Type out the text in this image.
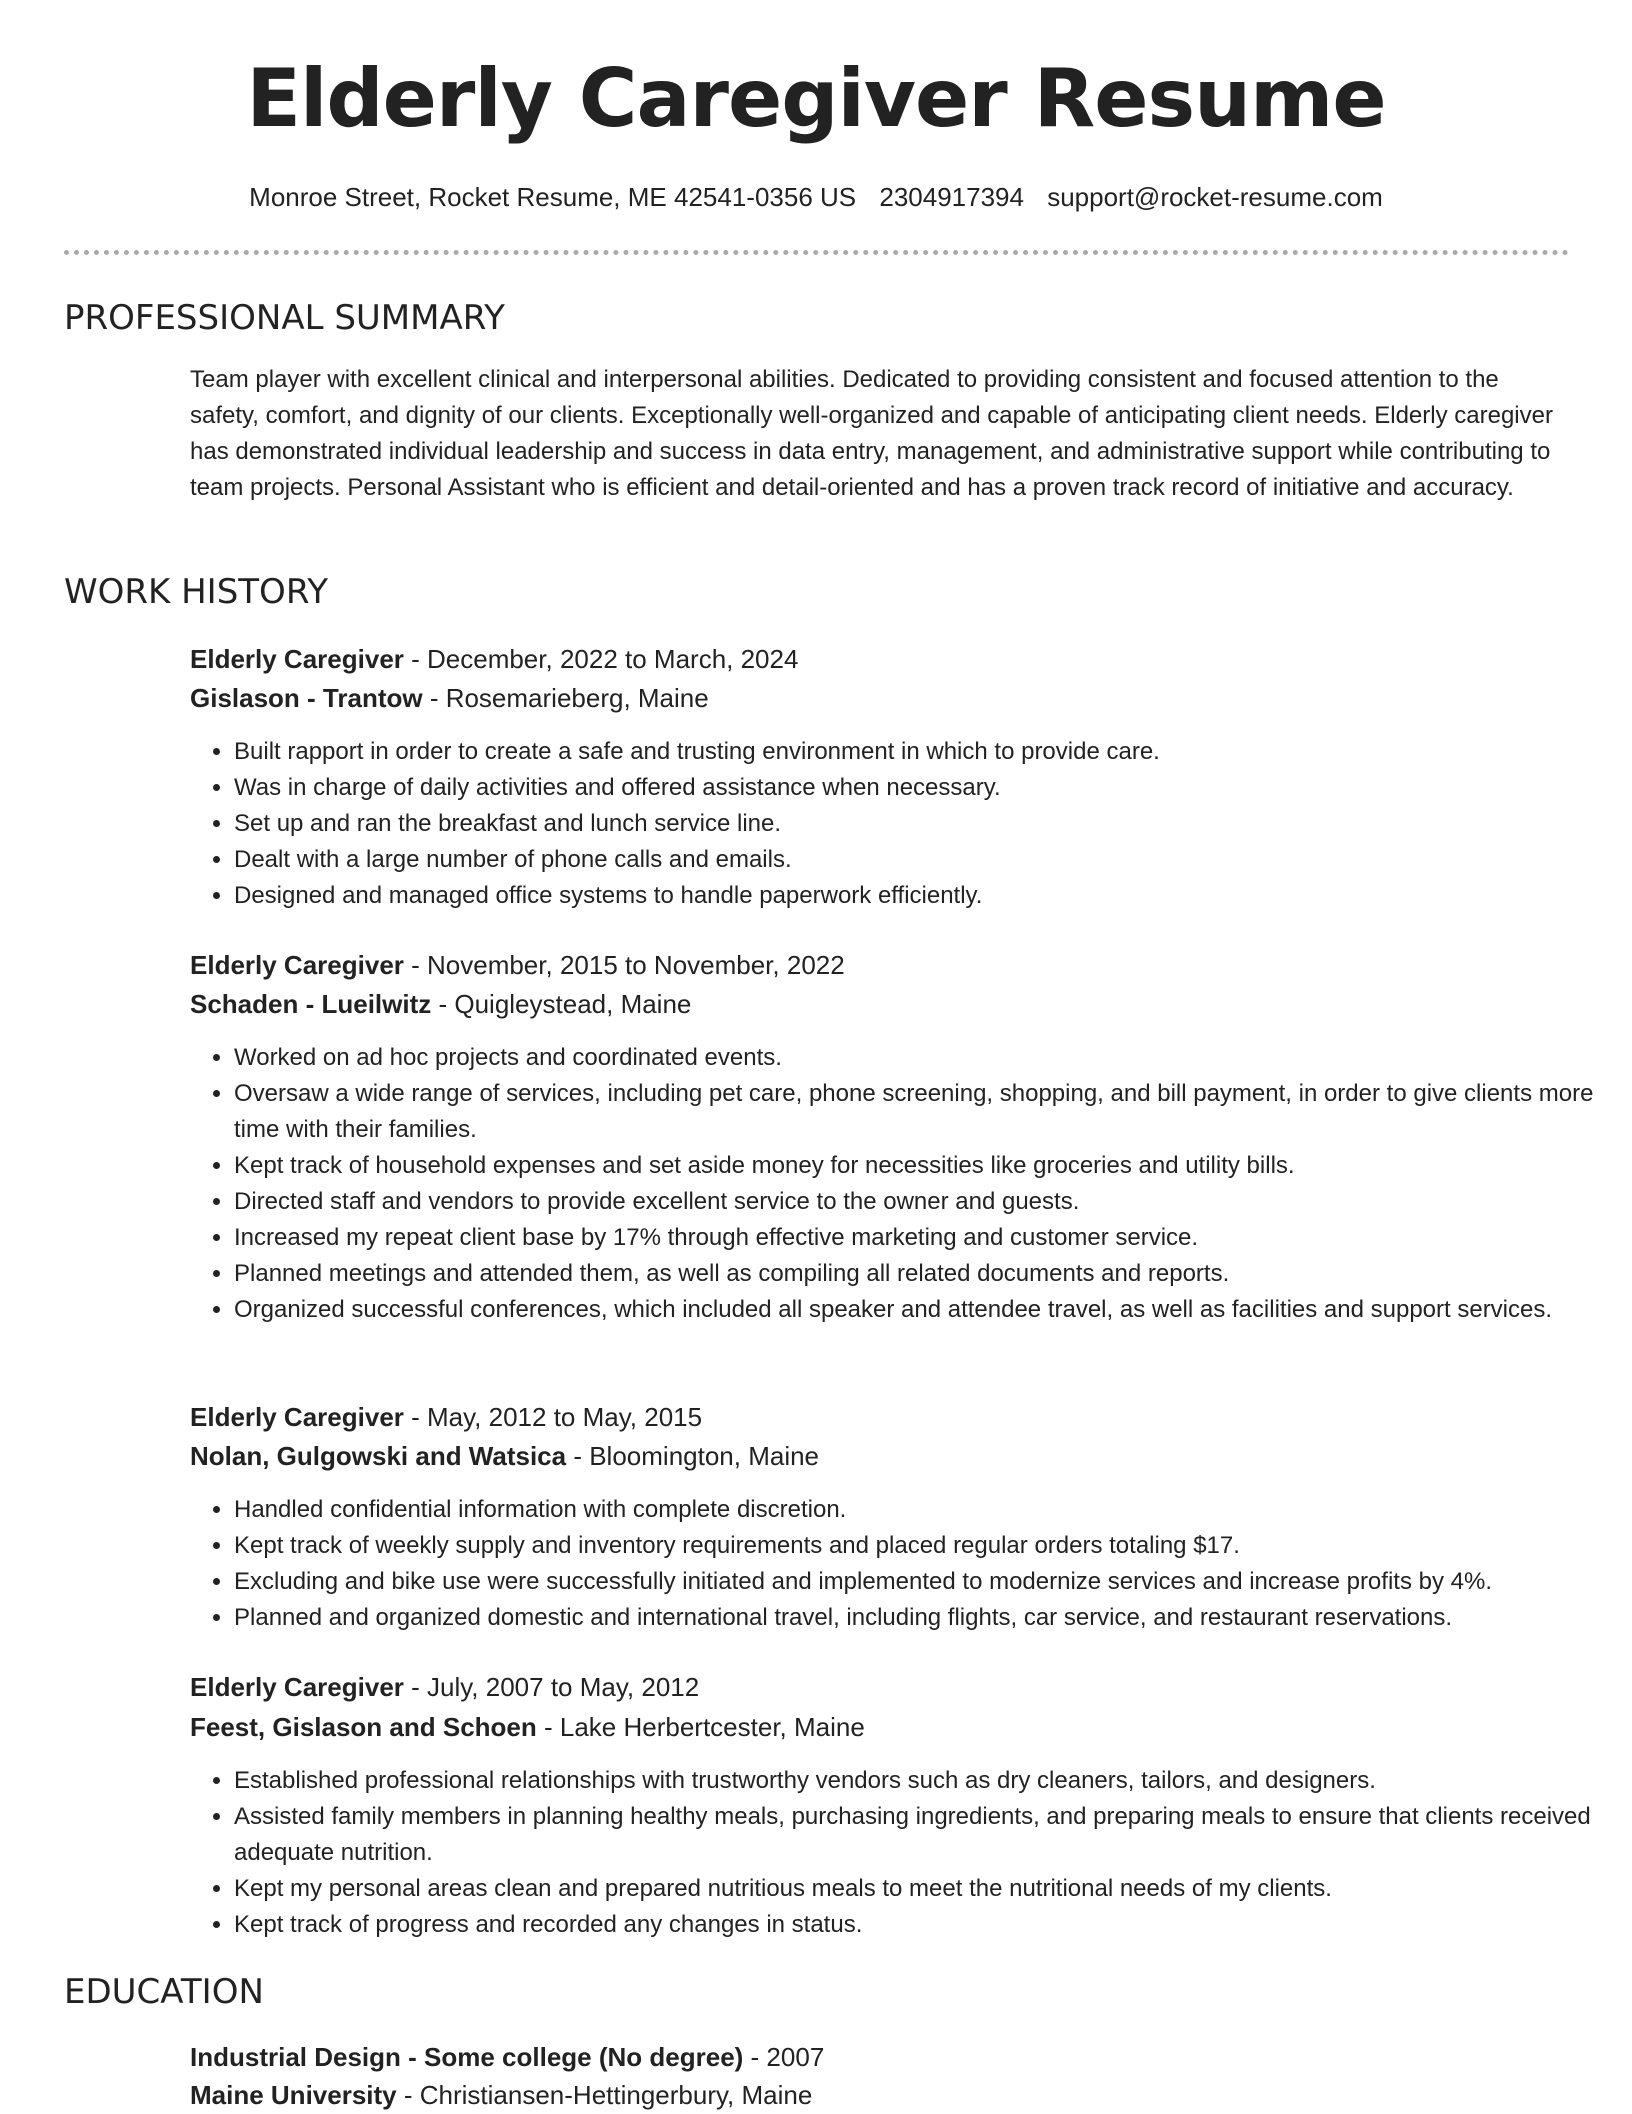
Elderly Caregiver Resume
Monroe Street, Rocket Resume, ME 42541-0356 US 2304917394 support@rocket-resume.com
PROFESSIONAL SUMMARY
Team player with excellent clinical and interpersonal abilities. Dedicated to providing consistent and focused attention to the safety, comfort, and dignity of our clients. Exceptionally well-organized and capable of anticipating client needs. Elderly caregiver has demonstrated individual leadership and success in data entry, management, and administrative support while contributing to team projects. Personal Assistant who is efficient and detail-oriented and has a proven track record of initiative and accuracy.
WORK HISTORY
Elderly Caregiver - December, 2022 to March, 2024
Gislason - Trantow - Rosemarieberg, Maine
• Built rapport in order to create a safe and trusting environment in which to provide care.
• Was in charge of daily activities and offered assistance when necessary.
• Set up and ran the breakfast and lunch service line.
• Dealt with a large number of phone calls and emails.
• Designed and managed office systems to handle paperwork efficiently.
Elderly Caregiver - November, 2015 to November, 2022
Schaden - Lueilwitz - Quigleystead, Maine
• Worked on ad hoc projects and coordinated events.
• Oversaw a wide range of services, including pet care, phone screening, shopping, and bill payment, in order to give clients more time with their families.
• Kept track of household expenses and set aside money for necessities like groceries and utility bills.
• Directed staff and vendors to provide excellent service to the owner and guests.
• Increased my repeat client base by 17% through effective marketing and customer service.
• Planned meetings and attended them, as well as compiling all related documents and reports.
• Organized successful conferences, which included all speaker and attendee travel, as well as facilities and support services.
Elderly Caregiver - May, 2012 to May, 2015
Nolan, Gulgowski and Watsica - Bloomington, Maine
• Handled confidential information with complete discretion.
• Kept track of weekly supply and inventory requirements and placed regular orders totaling $17.
• Excluding and bike use were successfully initiated and implemented to modernize services and increase profits by 4%.
• Planned and organized domestic and international travel, including flights, car service, and restaurant reservations.
Elderly Caregiver - July, 2007 to May, 2012
Feest, Gislason and Schoen - Lake Herbertcester, Maine
• Established professional relationships with trustworthy vendors such as dry cleaners, tailors, and designers.
• Assisted family members in planning healthy meals, purchasing ingredients, and preparing meals to ensure that clients received adequate nutrition.
• Kept my personal areas clean and prepared nutritious meals to meet the nutritional needs of my clients.
• Kept track of progress and recorded any changes in status.
EDUCATION
Industrial Design - Some college (No degree) - 2007
Maine University - Christiansen-Hettingerbury, Maine
